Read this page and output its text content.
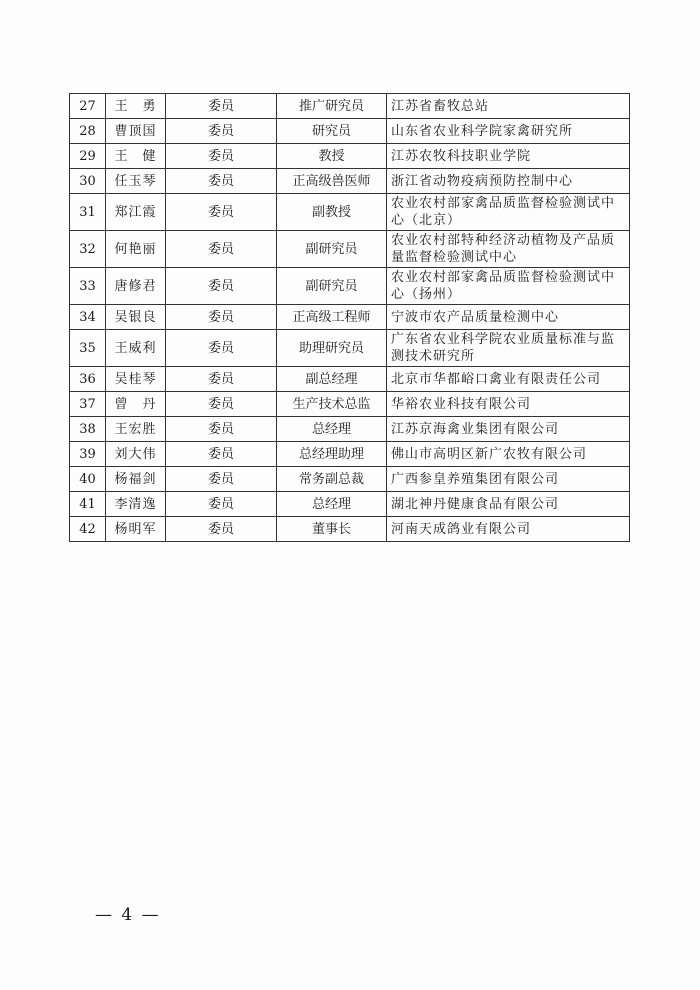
27	王　勇	委员	推广研究员	江苏省畜牧总站
28	曹顶国	委员	研究员	山东省农业科学院家禽研究所
29	王　健	委员	教授	江苏农牧科技职业学院
30	任玉琴	委员	正高级兽医师	浙江省动物疫病预防控制中心
31	郑江霞	委员	副教授	农业农村部家禽品质监督检验测试中心（北京）
32	何艳丽	委员	副研究员	农业农村部特种经济动植物及产品质量监督检验测试中心
33	唐修君	委员	副研究员	农业农村部家禽品质监督检验测试中心（扬州）
34	吴银良	委员	正高级工程师	宁波市农产品质量检测中心
35	王威利	委员	助理研究员	广东省农业科学院农业质量标准与监测技术研究所
36	吴桂琴	委员	副总经理	北京市华都峪口禽业有限责任公司
37	曾　丹	委员	生产技术总监	华裕农业科技有限公司
38	王宏胜	委员	总经理	江苏京海禽业集团有限公司
39	刘大伟	委员	总经理助理	佛山市高明区新广农牧有限公司
40	杨福剑	委员	常务副总裁	广西参皇养殖集团有限公司
41	李清逸	委员	总经理	湖北神丹健康食品有限公司
42	杨明军	委员	董事长	河南天成鸽业有限公司
— 4 —
